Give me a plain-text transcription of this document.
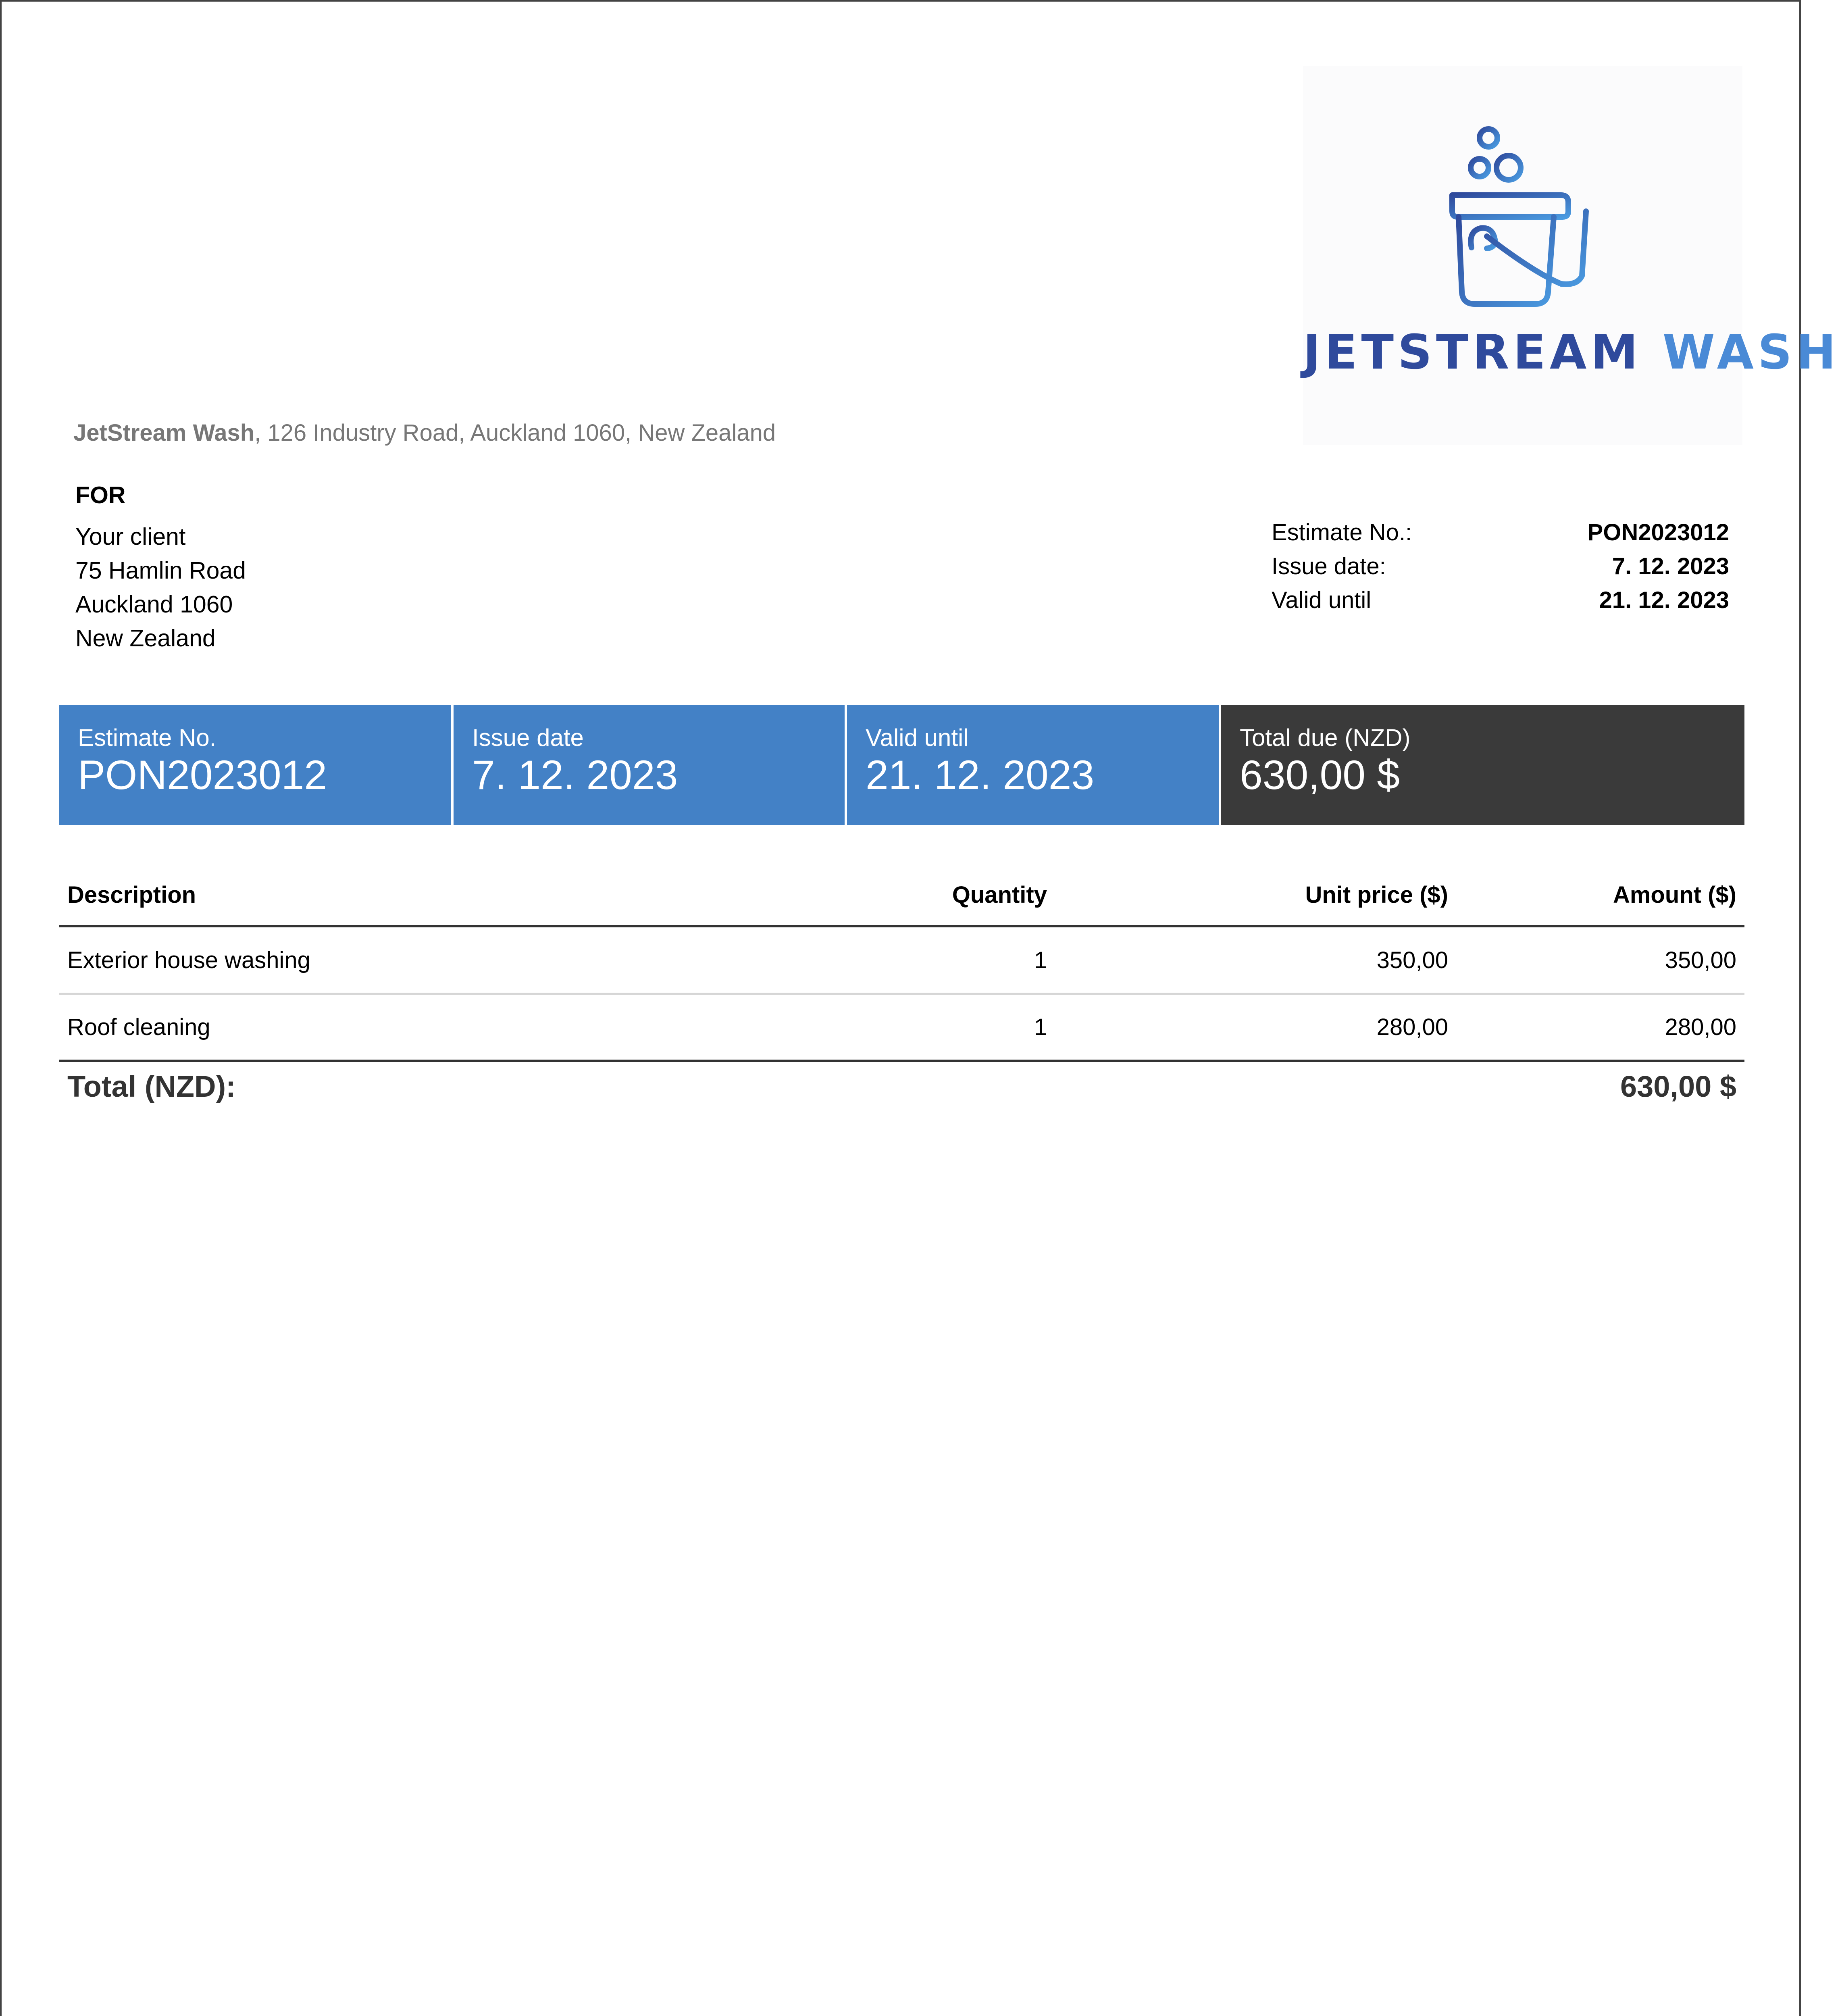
JETSTREAM WASH
JetStream Wash, 126 Industry Road, Auckland 1060, New Zealand
FOR
Your client
75 Hamlin Road
Auckland 1060
New Zealand
Estimate No.:	PON2023012
Issue date:	7. 12. 2023
Valid until	21. 12. 2023
Estimate No.
PON2023012
Issue date
7. 12. 2023
Valid until
21. 12. 2023
Total due (NZD)
630,00 $
Description	Quantity	Unit price ($)	Amount ($)
Exterior house washing	1	350,00	350,00
Roof cleaning	1	280,00	280,00
Total (NZD):	630,00 $
